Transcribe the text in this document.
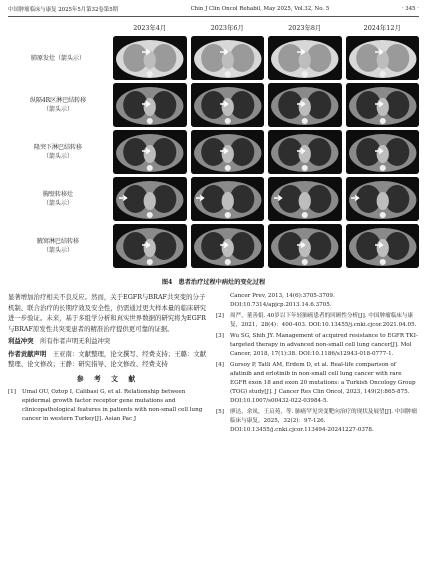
中国肿瘤临床与康复 2025年5月第32卷第5期	Chin J Clin Oncol Rehabil, May 2025, Vol.32, No. 5	· 345 ·
2023年4月	2023年6月	2023年8月	2024年12月
肺原发灶（箭头示）
纵隔4R区淋巴结转移
（箭头示）
隆突下淋巴结转移
（箭头示）
胸壁转移灶
（箭头示）
腋窝淋巴结转移
（箭头示）
图4　患者治疗过程中病灶的变化过程

显著增加治疗相关不良反应。然而，关于EGFR与BRAF共突变的分子机制、联合治疗的长期疗效及安全性，仍需通过更大样本量的临床研究进一步验证。未来，基于多组学分析和真实世界数据的研究将为EGFR与BRAF原发性共突变患者的精准治疗提供更可靠的证据。

利益冲突　 所有作者声明无利益冲突

作者贡献声明　 王亚南：文献整理，论文撰写、经费支持；王璐：文献整理、论文修改；王静：研究指导、论文修改、经费支持

参 考 文 献
[1]	Umal OU, Oztop I, Calibasi G, et al. Relationship between epidermal growth factor receptor gene mutations and clinicopathological features in patients with non-small cell lung cancer in western Turkey[J]. Asian Pac J
Cancer Prev, 2013, 14(6):3705-3709. DOI:10.7314/apjcp.2013.14.6.3705.
[2]	周严，董善娟. 40岁以下年轻肺癌患者的回顾性分析[J]. 中国肿瘤临床与康复，2021，28(4)：400-403. DOI:10.13455/j.cnki.cjcor.2021.04.05.
[3]	Wu SG, Shih JY. Management of acquired resistance to EGFR TKI-targeted therapy in advanced non-small cell lung cancer[J]. Mol Cancer, 2018, 17(1):38. DOI:10.1186/s12943-018-0777-1.
[4]	Gursoy P, Tatli AM, Erdem D, et al. Real-life comparison of afatinib and erlotinib in non-small cell lung cancer with rare EGFR exon 18 and exon 20 mutations: a Turkish Oncology Group (TOG) study[J]. J Cancer Res Clin Oncol, 2023, 149(2):865-875. DOI:10.1007/s00432-022-03984-5.
[5]	廖达，余凤，王启苑，等. 肺癌罕见突变靶向治疗的现状及展望[J]. 中国肿瘤临床与康复，2025，32(2)：97-126. DOI:10.13455/j.cnki.cjcor.113494-20241227-0378.
